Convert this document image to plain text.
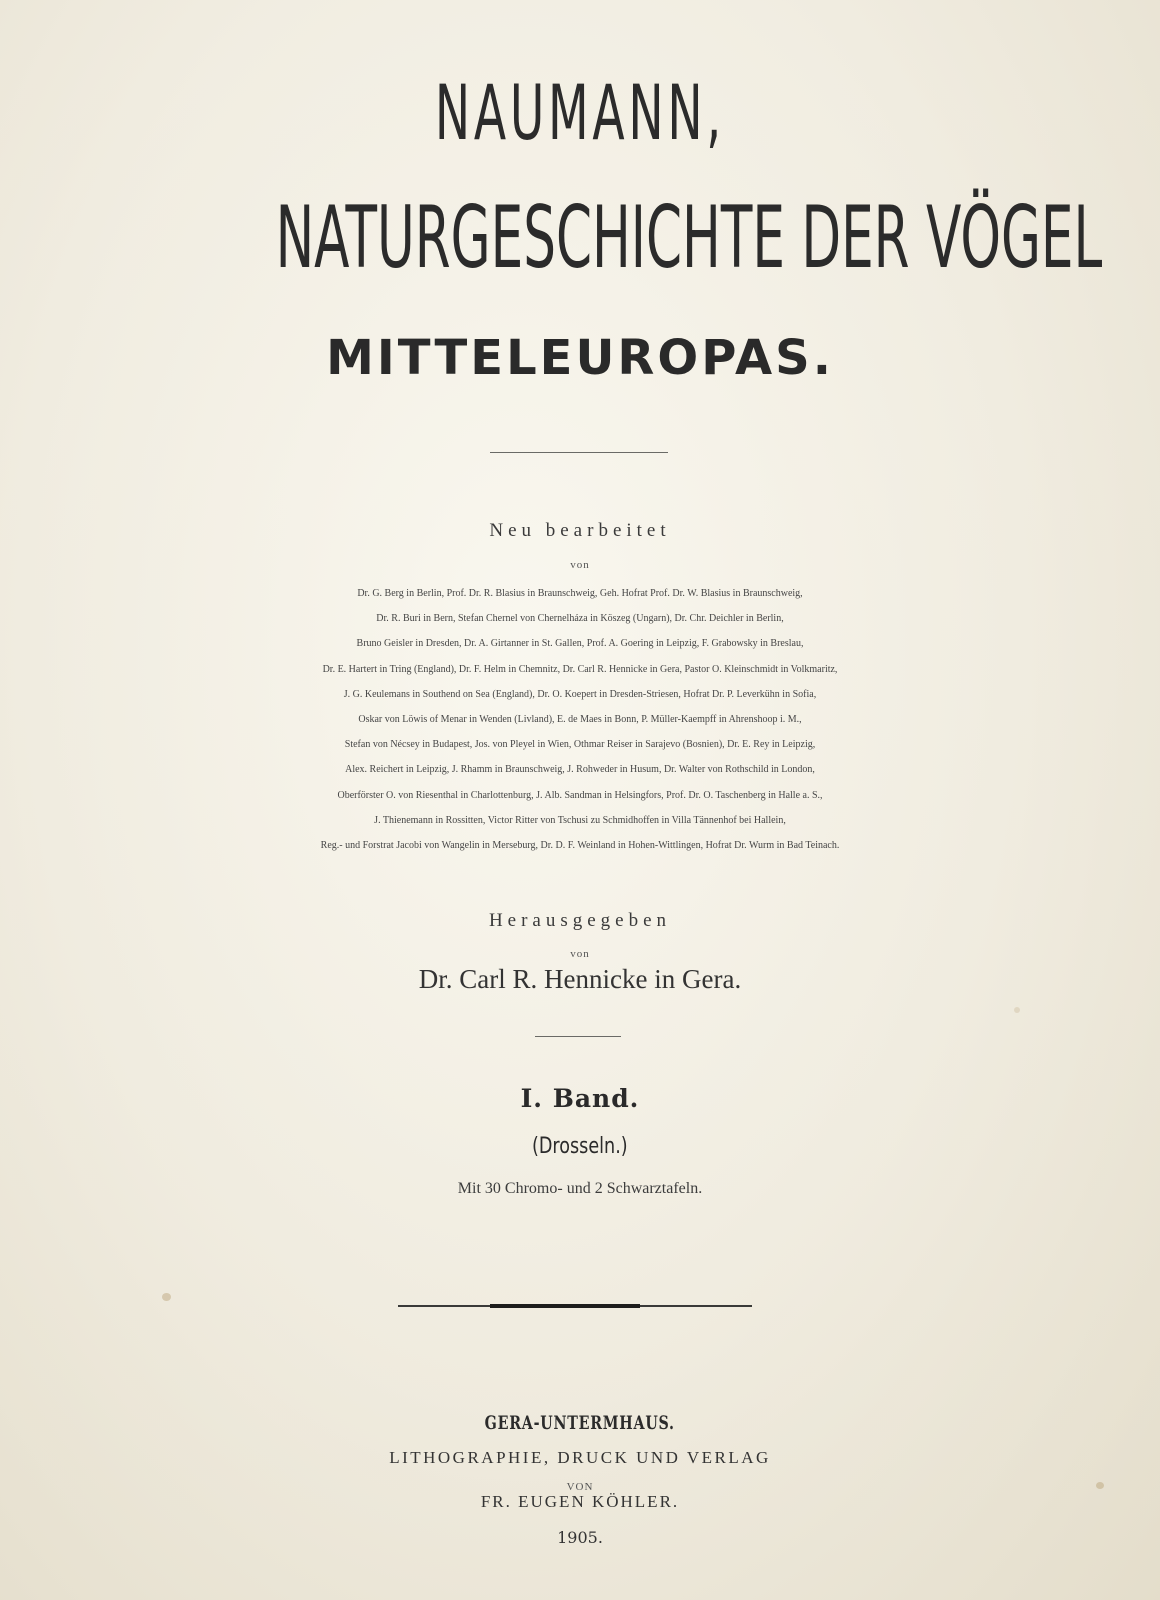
NAUMANN,
NATURGESCHICHTE DER VÖGEL
MITTELEUROPAS.
Neu bearbeitet
von
Dr. G. Berg in Berlin, Prof. Dr. R. Blasius in Braunschweig, Geh. Hofrat Prof. Dr. W. Blasius in Braunschweig,
Dr. R. Buri in Bern, Stefan Chernel von Chernelháza in Köszeg (Ungarn), Dr. Chr. Deichler in Berlin,
Bruno Geisler in Dresden, Dr. A. Girtanner in St. Gallen, Prof. A. Goering in Leipzig, F. Grabowsky in Breslau,
Dr. E. Hartert in Tring (England), Dr. F. Helm in Chemnitz, Dr. Carl R. Hennicke in Gera, Pastor O. Kleinschmidt in Volkmaritz,
J. G. Keulemans in Southend on Sea (England), Dr. O. Koepert in Dresden-Striesen, Hofrat Dr. P. Leverkühn in Sofia,
Oskar von Löwis of Menar in Wenden (Livland), E. de Maes in Bonn, P. Müller-Kaempff in Ahrenshoop i. M.,
Stefan von Nécsey in Budapest, Jos. von Pleyel in Wien, Othmar Reiser in Sarajevo (Bosnien), Dr. E. Rey in Leipzig,
Alex. Reichert in Leipzig, J. Rhamm in Braunschweig, J. Rohweder in Husum, Dr. Walter von Rothschild in London,
Oberförster O. von Riesenthal in Charlottenburg, J. Alb. Sandman in Helsingfors, Prof. Dr. O. Taschenberg in Halle a. S.,
J. Thienemann in Rossitten, Victor Ritter von Tschusi zu Schmidhoffen in Villa Tännenhof bei Hallein,
Reg.- und Forstrat Jacobi von Wangelin in Merseburg, Dr. D. F. Weinland in Hohen-Wittlingen, Hofrat Dr. Wurm in Bad Teinach.
Herausgegeben
von
Dr. Carl R. Hennicke in Gera.
I. Band.
(Drosseln.)
Mit 30 Chromo- und 2 Schwarztafeln.
GERA-UNTERMHAUS.
LITHOGRAPHIE, DRUCK UND VERLAG
VON
FR. EUGEN KÖHLER.
1905.
